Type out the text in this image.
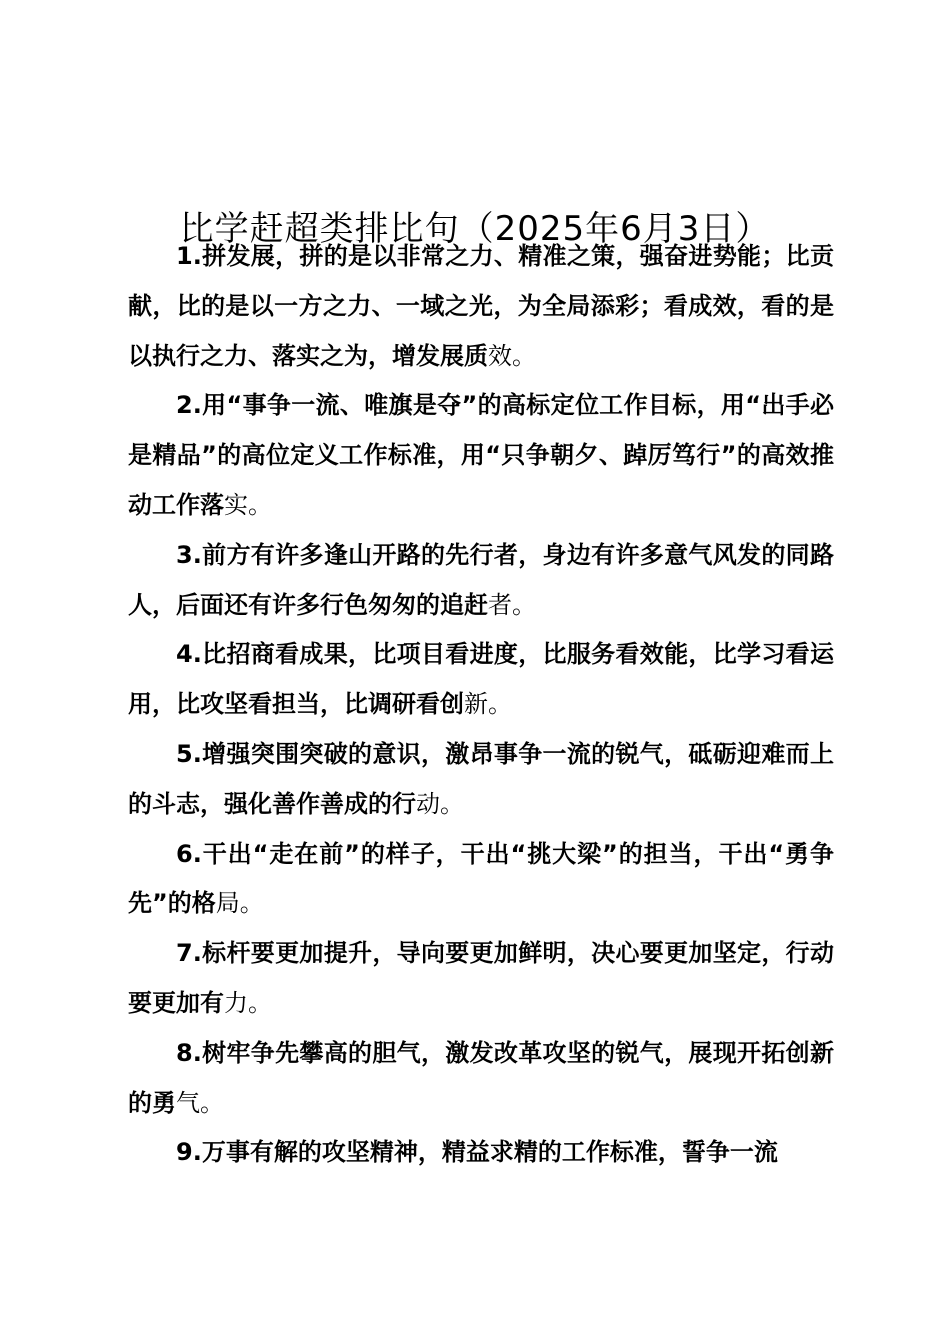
比学赶超类排比句（2025年6月3日）

1.拼发展，拼的是以非常之力、精准之策，强奋进势能；比贡献，比的是以一方之力、一域之光，为全局添彩；看成效，看的是以执行之力、落实之为，增发展质效。

2.用“事争一流、唯旗是夺”的高标定位工作目标，用“出手必是精品”的高位定义工作标准，用“只争朝夕、踔厉笃行”的高效推动工作落实。

3.前方有许多逢山开路的先行者，身边有许多意气风发的同路人，后面还有许多行色匆匆的追赶者。

4.比招商看成果，比项目看进度，比服务看效能，比学习看运用，比攻坚看担当，比调研看创新。

5.增强突围突破的意识，激昂事争一流的锐气，砥砺迎难而上的斗志，强化善作善成的行动。

6.干出“走在前”的样子，干出“挑大梁”的担当，干出“勇争先”的格局。

7.标杆要更加提升，导向要更加鲜明，决心要更加坚定，行动要更加有力。

8.树牢争先攀高的胆气，激发改革攻坚的锐气，展现开拓创新的勇气。

9.万事有解的攻坚精神，精益求精的工作标准，誓争一流
